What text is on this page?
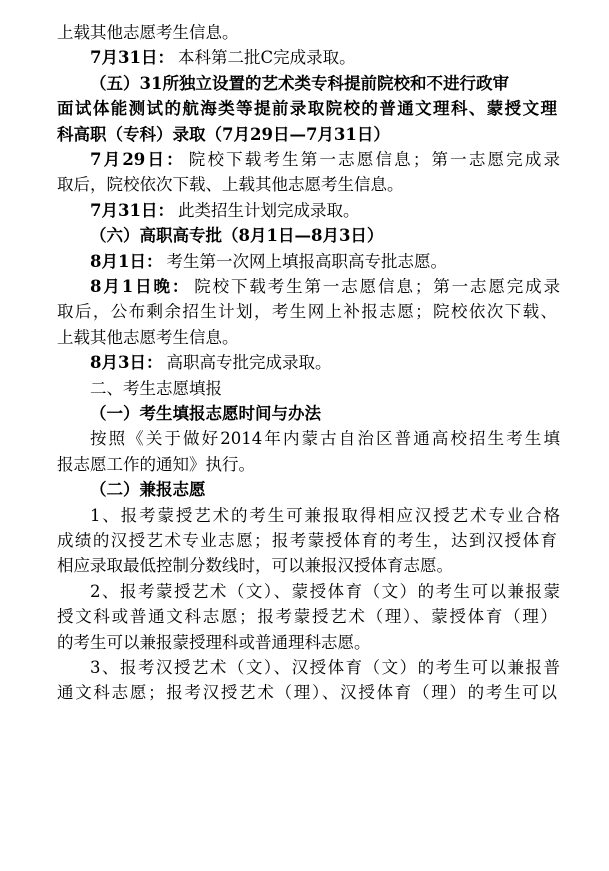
上载其他志愿考生信息。
7月31日： 本科第二批C完成录取。
（五）31所独立设置的艺术类专科提前院校和不进行政审
面试体能测试的航海类等提前录取院校的普通文理科、蒙授文理
科高职（专科）录取（7月29日—7月31日）
7月29日： 院校下载考生第一志愿信息；第一志愿完成录
取后，院校依次下载、上载其他志愿考生信息。
7月31日： 此类招生计划完成录取。
（六）高职高专批（8月1日—8月3日）
8月1日： 考生第一次网上填报高职高专批志愿。
8月1日晚： 院校下载考生第一志愿信息；第一志愿完成录
取后，公布剩余招生计划，考生网上补报志愿；院校依次下载、
上载其他志愿考生信息。
8月3日： 高职高专批完成录取。
二、考生志愿填报
（一）考生填报志愿时间与办法
按照《关于做好2014年内蒙古自治区普通高校招生考生填
报志愿工作的通知》执行。
（二）兼报志愿
1、报考蒙授艺术的考生可兼报取得相应汉授艺术专业合格
成绩的汉授艺术专业志愿；报考蒙授体育的考生，达到汉授体育
相应录取最低控制分数线时，可以兼报汉授体育志愿。
2、报考蒙授艺术（文）、蒙授体育（文）的考生可以兼报蒙
授文科或普通文科志愿；报考蒙授艺术（理）、蒙授体育（理）
的考生可以兼报蒙授理科或普通理科志愿。
3、报考汉授艺术（文）、汉授体育（文）的考生可以兼报普
通文科志愿；报考汉授艺术（理）、汉授体育（理）的考生可以
